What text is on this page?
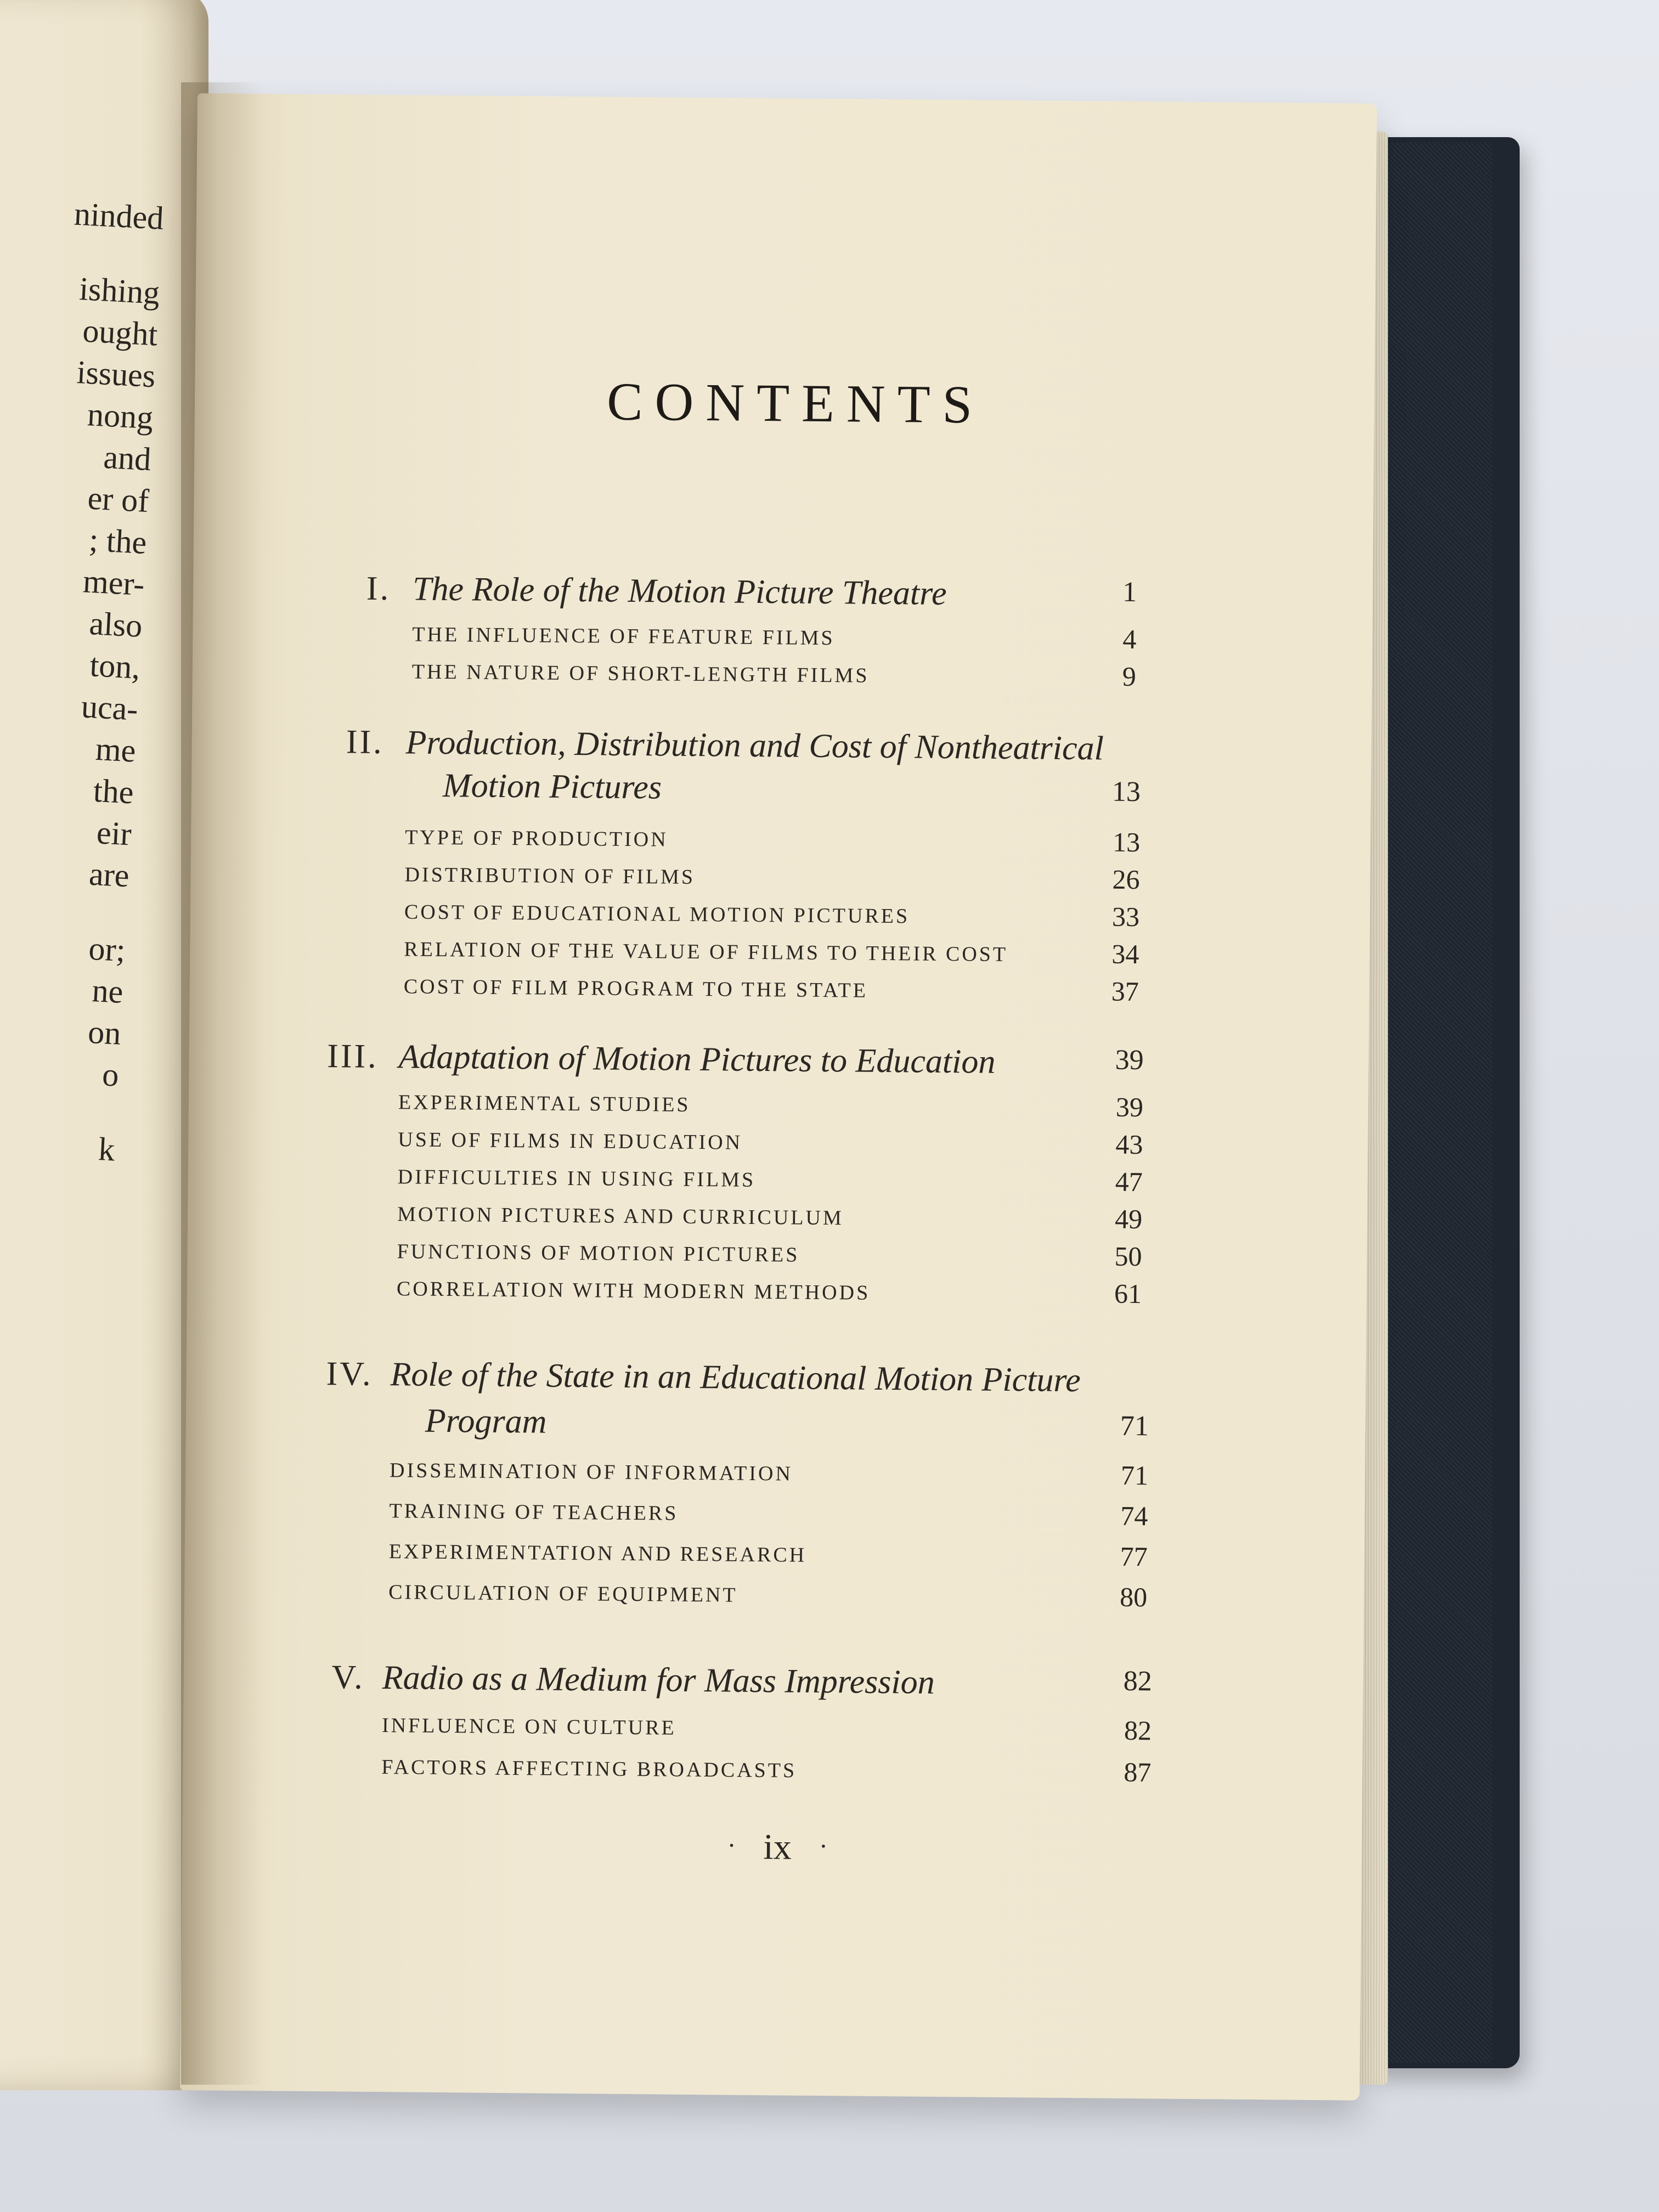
ninded
ishing
ought
issues
nong
and
er of
; the
mer-
also
ton,
uca-
me
the
eir
are
or;
ne
on
o
k
CONTENTS
I. The Role of the Motion Picture Theatre	1
THE INFLUENCE OF FEATURE FILMS	4
THE NATURE OF SHORT-LENGTH FILMS	9
II. Production, Distribution and Cost of Nontheatrical
Motion Pictures	13
TYPE OF PRODUCTION	13
DISTRIBUTION OF FILMS	26
COST OF EDUCATIONAL MOTION PICTURES	33
RELATION OF THE VALUE OF FILMS TO THEIR COST	34
COST OF FILM PROGRAM TO THE STATE	37
III. Adaptation of Motion Pictures to Education	39
EXPERIMENTAL STUDIES	39
USE OF FILMS IN EDUCATION	43
DIFFICULTIES IN USING FILMS	47
MOTION PICTURES AND CURRICULUM	49
FUNCTIONS OF MOTION PICTURES	50
CORRELATION WITH MODERN METHODS	61
IV. Role of the State in an Educational Motion Picture
Program	71
DISSEMINATION OF INFORMATION	71
TRAINING OF TEACHERS	74
EXPERIMENTATION AND RESEARCH	77
CIRCULATION OF EQUIPMENT	80
V. Radio as a Medium for Mass Impression	82
INFLUENCE ON CULTURE	82
FACTORS AFFECTING BROADCASTS	87
· ix ·
